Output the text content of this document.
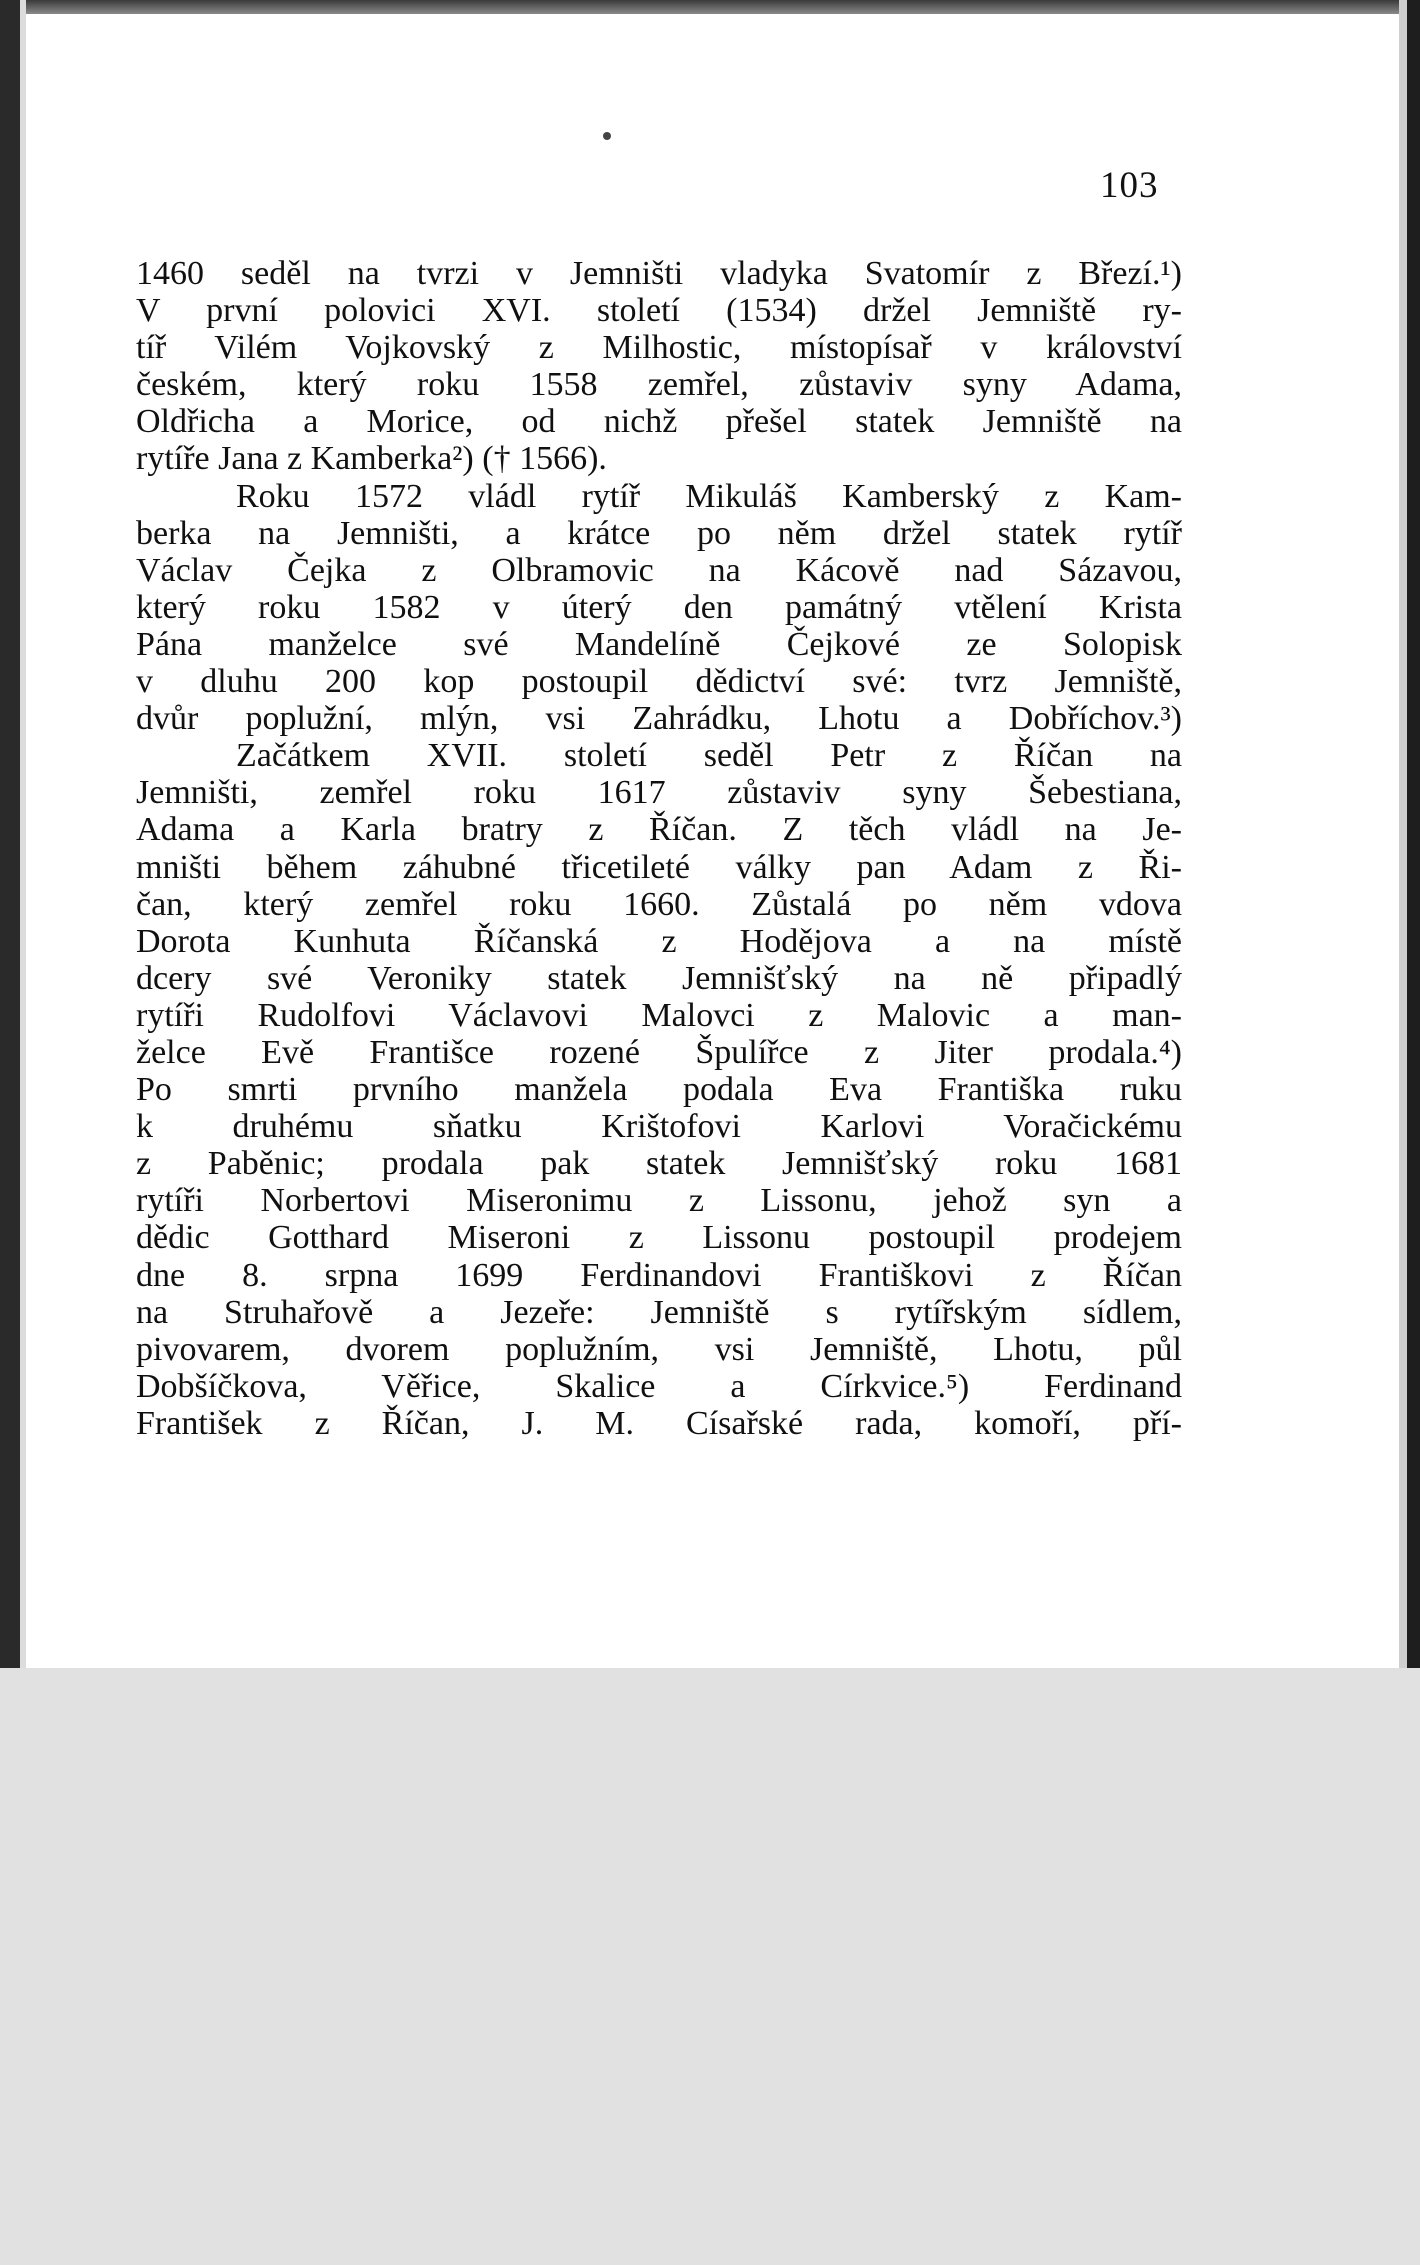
103
1460 seděl na tvrzi v Jemništi vladyka Svatomír z Březí.¹)
V první polovici XVI. století (1534) držel Jemniště ry-
tíř Vilém Vojkovský z Milhostic, místopísař v království
českém, který roku 1558 zemřel, zůstaviv syny Adama,
Oldřicha a Morice, od nichž přešel statek Jemniště na
rytíře Jana z Kamberka²) († 1566).
Roku 1572 vládl rytíř Mikuláš Kamberský z Kam-
berka na Jemništi, a krátce po něm držel statek rytíř
Václav Čejka z Olbramovic na Kácově nad Sázavou,
který roku 1582 v úterý den památný vtělení Krista
Pána manželce své Mandelíně Čejkové ze Solopisk
v dluhu 200 kop postoupil dědictví své: tvrz Jemniště,
dvůr poplužní, mlýn, vsi Zahrádku, Lhotu a Dobříchov.³)
Začátkem XVII. století seděl Petr z Říčan na
Jemništi, zemřel roku 1617 zůstaviv syny Šebestiana,
Adama a Karla bratry z Říčan. Z těch vládl na Je-
mništi během záhubné třicetileté války pan Adam z Ři-
čan, který zemřel roku 1660. Zůstalá po něm vdova
Dorota Kunhuta Říčanská z Hodějova a na místě
dcery své Veroniky statek Jemnišťský na ně připadlý
rytíři Rudolfovi Václavovi Malovci z Malovic a man-
želce Evě Františce rozené Špulířce z Jiter prodala.⁴)
Po smrti prvního manžela podala Eva Františka ruku
k druhému sňatku Krištofovi Karlovi Voračickému
z Paběnic; prodala pak statek Jemnišťský roku 1681
rytíři Norbertovi Miseronimu z Lissonu, jehož syn a
dědic Gotthard Miseroni z Lissonu postoupil prodejem
dne 8. srpna 1699 Ferdinandovi Františkovi z Říčan
na Struhařově a Jezeře: Jemniště s rytířským sídlem,
pivovarem, dvorem poplužním, vsi Jemniště, Lhotu, půl
Dobšíčkova, Věřice, Skalice a Církvice.⁵) Ferdinand
František z Říčan, J. M. Císařské rada, komoří, pří-
